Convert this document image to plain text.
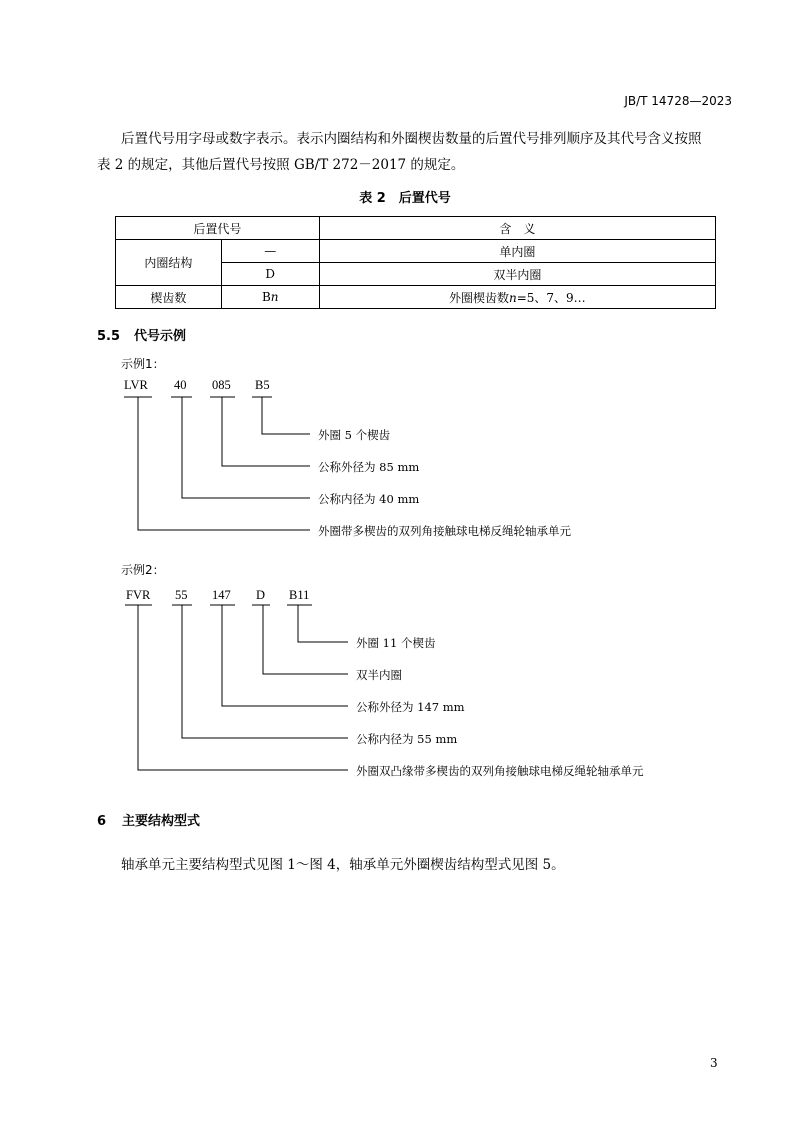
JB/T 14728—2023
后置代号用字母或数字表示。表示内圈结构和外圈楔齿数量的后置代号排列顺序及其代号含义按照
表 2 的规定，其他后置代号按照 GB/T 272－2017 的规定。
表 2　后置代号
后置代号		含　义
内圈结构	—	单内圈
	D	双半内圈
楔齿数	Bn	外圈楔齿数n=5、7、9…
5.5 代号示例
示例1：
LVR 40 085 B5
外圈 5 个楔齿
公称外径为 85 mm
公称内径为 40 mm
外圈带多楔齿的双列角接触球电梯反绳轮轴承单元
示例2：
FVR 55 147 D B11
外圈 11 个楔齿
双半内圈
公称外径为 147 mm
公称内径为 55 mm
外圈双凸缘带多楔齿的双列角接触球电梯反绳轮轴承单元
6 主要结构型式
轴承单元主要结构型式见图 1～图 4，轴承单元外圈楔齿结构型式见图 5。
3
